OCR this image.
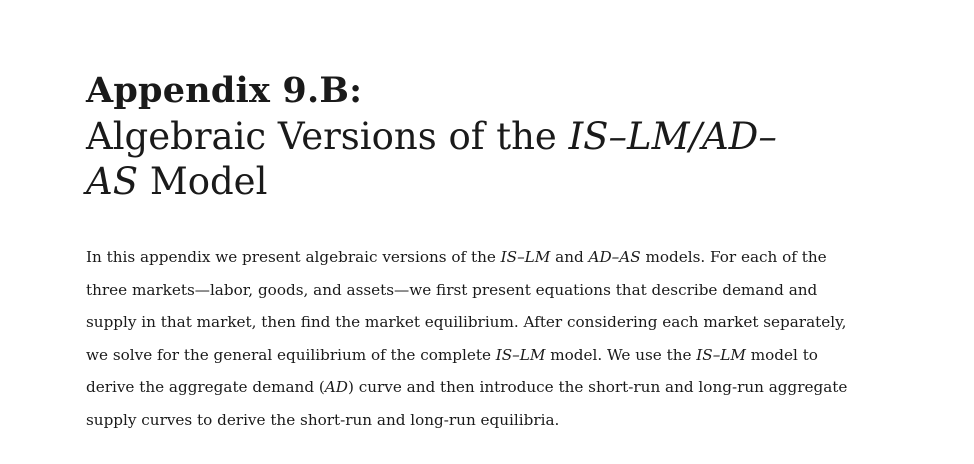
Appendix 9.B:
Algebraic Versions of the IS–LM/AD–
AS Model

In this appendix we present algebraic versions of the IS–LM and AD–AS models. For each of the
three markets—labor, goods, and assets—we first present equations that describe demand and
supply in that market, then find the market equilibrium. After considering each market separately,
we solve for the general equilibrium of the complete IS–LM model. We use the IS–LM model to
derive the aggregate demand (AD) curve and then introduce the short-run and long-run aggregate
supply curves to derive the short-run and long-run equilibria.
